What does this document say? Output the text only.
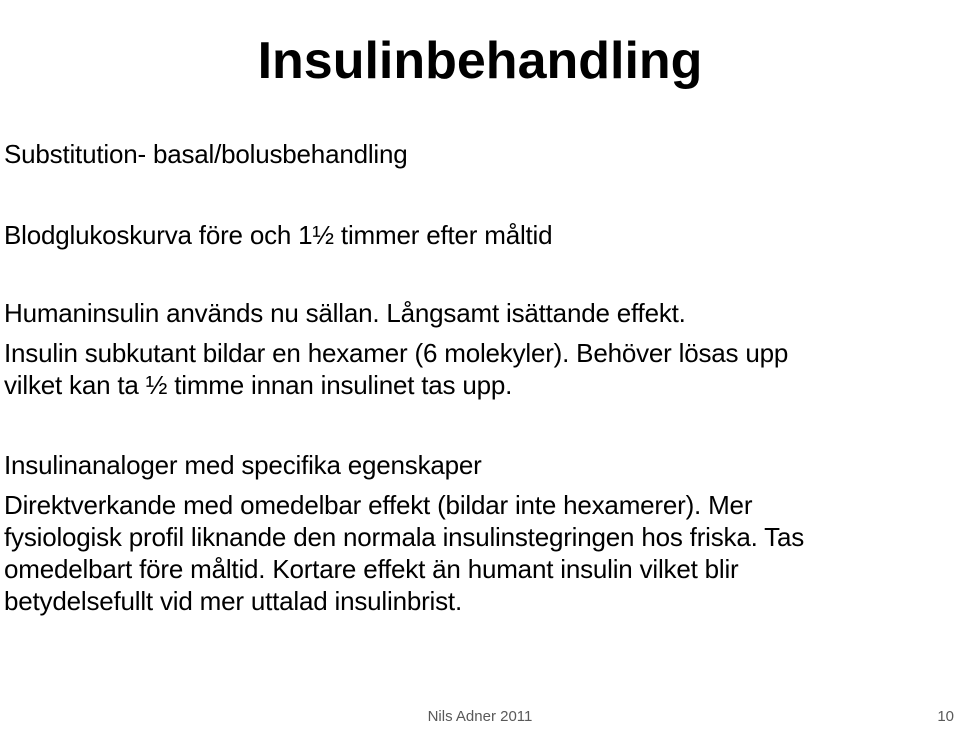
Insulinbehandling
Substitution- basal/bolusbehandling
Blodglukoskurva före och 1½ timmer efter måltid
Humaninsulin används nu sällan. Långsamt isättande effekt.
Insulin subkutant bildar en hexamer (6 molekyler). Behöver lösas upp
vilket kan ta ½ timme innan insulinet tas upp.
Insulinanaloger med specifika egenskaper
Direktverkande med omedelbar effekt (bildar inte hexamerer). Mer
fysiologisk profil liknande den normala insulinstegringen hos friska. Tas
omedelbart före måltid. Kortare effekt än humant insulin vilket blir
betydelsefullt vid mer uttalad insulinbrist.
Nils Adner 2011	10
